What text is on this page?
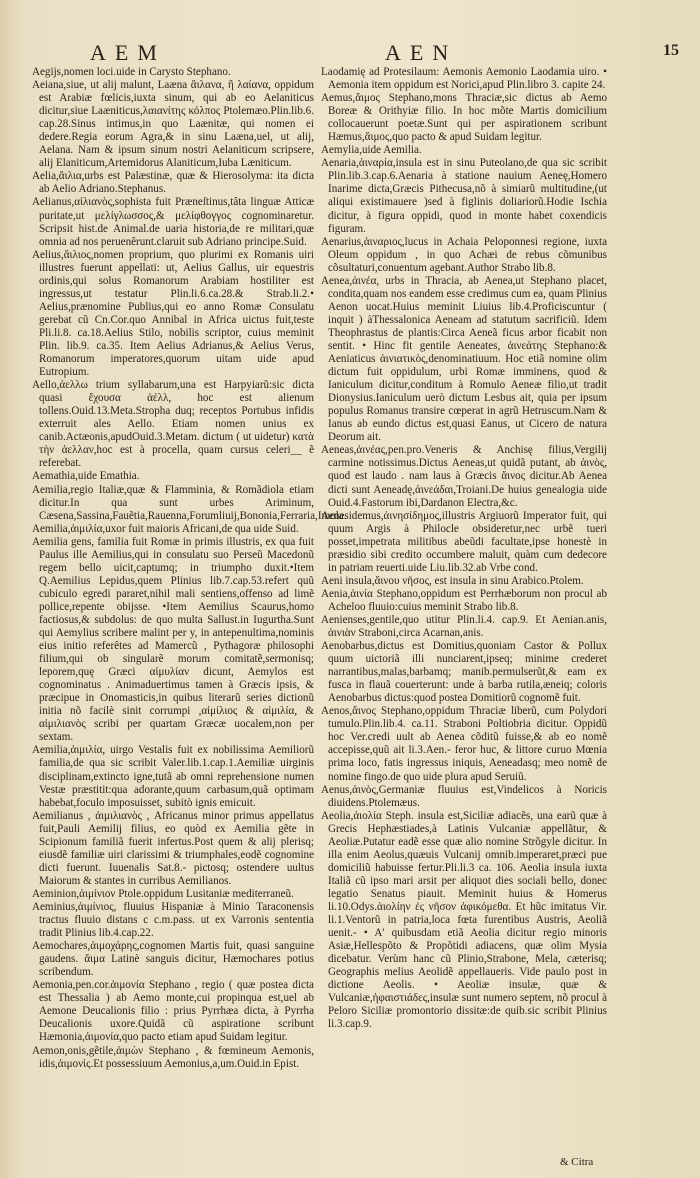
AEM	AEN	15

Aegijs,nomen loci.uide in Carysto Stephano.

Aeiana,siue, ut alij malunt, Laæna ἄιλανα, ἢ λαίανα, oppidum est Arabiæ fœlicis,iuxta sinum, qui ab eo Aelaniticus dicitur,siue Laæniticus,λαιανίτης κόλπος Ptolemæo.Plin.lib.6. cap.28.Sinus intimus,in quo Laænitæ, qui nomen ei dedere.Regia eorum Agra,& in sinu Laæna,uel, ut alij, Aelana. Nam & ipsum sinum nostri Aelaniticum scripsere, alij Elaniticum,Artemidorus Alaniticum,Iuba Læniticum.

Aelia,ἄιλια,urbs est Palæstinæ, quæ & Hierosolyma: ita dicta ab Aelio Adriano.Stephanus.

Aelianus,αἰλιανὸς,sophista fuit Præneſtinus,tâta linguæ Atticæ puritate,ut μελίγλωσσος,& μελίφθογγος cognominaretur. Scripsit hist.de Animal.de uaria historia,de re militari,quæ omnia ad nos peruenêrunt.claruit sub Adriano principe.Suid.

Aelius,ἄιλιος,nomen proprium, quo plurimi ex Romanis uiri illustres fuerunt appellati: ut, Aelius Gallus, uir equestris ordinis,qui solus Romanorum Arabiam hostiliter est ingressus,ut testatur Plin.li.6.ca.28.& Strab.li.2.• Aelius,prænomine Publius,qui eo anno Romæ Consulatu gerebat cũ Cn.Cor.quo Annibal in Africa uictus fuit,teste Pli.li.8. ca.18.Aelius Stilo, nobilis scriptor, cuius meminit Plin. lib.9. ca.35. Item Aelius Adrianus,& Aelius Verus, Romanorum imperatores,quorum uitam uide apud Eutropium.

Aello,ἀελλω trium syllabarum,una est Harpyiarũ:sic dicta quasi ἔχουσα ἀέλλ, hoc est alienum tollens.Ouid.13.Meta.Stropha duq; receptos Portubus infidis exterruit ales Aello. Etiam nomen unius ex canib.Actæonis,apudOuid.3.Metam. dictum ( ut uidetur) κατὰ τὴν ἀελλαν,hoc est à procella, quam cursus celeri__ ẽ referebat.

Aemathia,uide Emathia.

Aemilia,regio Italiæ,quæ & Flamminia, & Romãdiola etiam dicitur.In qua sunt urbes Ariminum, Cæsena,Sassina,Fauẽtia,Rauenna,Forumliuij,Bononia,Ferraria,Imola.

Aemilia,ἀιμιλία,uxor fuit maioris Africani,de qua uide Suid.

Aemilia gens, familia fuit Romæ in primis illustris, ex qua fuit Paulus ille Aemilius,qui in consulatu suo Perseũ Macedonũ regem bello uicit,captumq; in triumpho duxit.•Item Q.Aemilius Lepidus,quem Plinius lib.7.cap.53.refert quũ cubiculo egredi pararet,nihil mali sentiens,offenso ad limẽ pollice,repente obijsse. •Item Aemilius Scaurus,homo factiosus,& subdolus: de quo multa Sallust.in Iugurtha.Sunt qui Aemylius scribere malint per y, in antepenultima,nominis eius initio referêtes ad Mamercũ , Pythagoræ philosophi filium,qui ob singularẽ morum comitatẽ,sermonisq; leporem,quę Græci αἱμυλίαν dicunt, Aemylos est cognominatus . Animaduertimus tamen à Græcis ipsis, & præcipue in Onomasticis,in quibus literarũ series dictionũ initia nõ facilè sinit corrumpi ,αἰμίλιος & αἰμιλία, & αἰμιλιανὸς scribi per quartam Græcæ uocalem,non per sextam.

Aemilia,ἀιμιλία, uirgo Vestalis fuit ex nobilissima Aemiliorũ familia,de qua sic scribit Valer.lib.1.cap.1.Aemiliæ uirginis disciplinam,extincto igne,tutã ab omni reprehensione numen Vestæ præstitit:qua adorante,quum carbasum,quã optimam habebat,foculo imposuisset, subitò ignis emicuit.

Aemilianus , ἀιμιλιανὸς , Africanus minor primus appellatus fuit,Pauli Aemilij filius, eo quòd ex Aemilia gẽte in Scipionum familiã fuerit infertus.Post quem & alij plerisq; eiusdẽ familiæ uiri clarissimi & triumphales,eodẽ cognomine dicti fuerunt. Iuuenalis Sat.8.- pictosq; ostendere uultus Maiorum & stantes in curribus Aemilianos.

Aeminion,ἀιμίνιον Ptole.oppidum Lusitaniæ mediterraneũ.

Aeminius,ἀιμίνιος, fluuius Hispaniæ à Minio Taraconensis tractus fluuio distans c c.m.pass. ut ex Varronis sententia tradit Plinius lib.4.cap.22.

Aemochares,ἀιμοχάρης,cognomen Martis fuit, quasi sanguine gaudens. ἄιμα Latinè sanguis dicitur, Hæmochares potius scribendum.

Aemonia,pen.cor.ἀιμονία Stephano , regio ( quæ postea dicta est Thessalia ) ab Aemo monte,cui propinqua est,uel ab Aemone Deucalionis filio : prius Pyrrhæa dicta, à Pyrrha Deucalionis uxore.Quidã cũ aspiratione scribunt Hæmonia,ἀιμονία,quo pacto etiam apud Suidam legitur.

Aemon,onis,gẽtile,ἀιμὼν Stephano , & fœmineum Aemonis, idis,ἀιμονὶς.Et possessiuum Aemonius,a,um.Ouid.in Epist.

Laodamię ad Protesilaum: Aemonis Aemonio Laodamia uiro. • Aemonia item oppidum est Norici,apud Plin.libro 3. capite 24.

Aemus,ἄιμος Stephano,mons Thraciæ,sic dictus ab Aemo Boreæ & Orithyiæ filio. In hoc mõte Martis domicilium collocauerunt poetæ.Sunt qui per aspirationem scribunt Hæmus,ἄιμος,quo pacto & apud Suidam legitur.

Aemylia,uide Aemilia.

Aenaria,ἀιναρία,insula est in sinu Puteolano,de qua sic scribit Plin.lib.3.cap.6.Aenaria à statione nauium Aeneę,Homero Inarime dicta,Græcis Pithecusa,nõ à simiarũ multitudine,(ut aliqui existimauere )sed à figlinis doliariorũ.Hodie Ischia dicitur, à figura oppidi, quod in monte habet coxendicis figuram.

Aenarius,ἀιναριος,lucus in Achaia Peloponnesi regione, iuxta Oleum oppidum , in quo Achæi de rebus cõmunibus cõsultaturi,conuentum agebant.Author Strabo lib.8.

Aenea,ἀινέα, urbs in Thracia, ab Aenea,ut Stephano placet, condita,quam nos eandem esse credimus cum ea, quam Plinius Aenon uocat.Huius meminit Liuius lib.4.Proficiscuntur ( inquit ) àThessalonica Aeneam ad statutum sacrificiũ. Idem Theophrastus de plantis:Circa Aeneã ficus arbor ficabit non sentit. • Hinc fit gentile Aeneates, ἀινεάτης Stephano:& Aeniaticus ἀινιατικὸς,denominatiuum. Hoc etiã nomine olim dictum fuit oppidulum, urbi Romæ imminens, quod & Ianiculum dicitur,conditum à Romulo Aeneæ filio,ut tradit Dionysius.Ianiculum uerò dictum Lesbus ait, quia per ipsum populus Romanus transire cœperat in agrũ Hetruscum.Nam & Ianus ab eundo dictus est,quasi Eanus, ut Cicero de natura Deorum ait.

Aeneas,ἀινέας,pen.pro.Veneris & Anchisę filius,Vergilij carmine notissimus.Dictus Aeneas,ut quidã putant, ab ἀινὸς, quod est laudo . nam laus à Græcis ἄινος dicitur.Ab Aenea dicti sunt Aeneadę,ἀινεάδαι,Troiani.De huius genealogia uide Ouid.4.Fastorum ibi,Dardanon Electra,&c.

Aenesidemus,ἀινησίδημος,illustris Argiuorũ Imperator fuit, qui quum Argis à Philocle obsideretur,nec urbẽ tueri posset,impetrata militibus abeũdi facultate,ipse honestè in præsidio sibi credito occumbere maluit, quàm cum dedecore in patriam reuerti.uide Liu.lib.32.ab Vrbe cond.

Aeni insula,ἄινου νῆσος, est insula in sinu Arabico.Ptolem.

Aenia,ἀινία Stephano,oppidum est Perrhæborum non procul ab Acheloo fluuio:cuius meminit Strabo lib.8.

Aenienses,gentile,quo utitur Plin.li.4. cap.9. Et Aenian.anis, ἀινιὰν Straboni,circa Acarnan,anis.

Aenobarbus,dictus est Domitius,quoniam Castor & Pollux quum uictoriã illi nunciarent,ipseq; minime crederet narrantibus,malas,barbamq; manib.permulserũt,& eam ex fusca in flauã couerterunt: unde à barba rutila,æneiq; coloris Aenobarbus dictus:quod postea Domitiorũ cognomẽ fuit.

Aenos,ἄινος Stephano,oppidum Thraciæ liberũ, cum Polydori tumulo.Plin.lib.4. ca.11. Straboni Poltiobria dicitur. Oppidũ hoc Ver.credi uult ab Aenea cõditũ fuisse,& ab eo nomẽ accepisse,quũ ait li.3.Aen.- feror huc, & littore curuo Mœnia prima loco, fatis ingressus iniquis, Aeneadasq; meo nomẽ de nomine fingo.de quo uide plura apud Seruiũ.

Aenus,ἀινὸς,Germaniæ fluuius est,Vindelicos à Noricis diuidens.Ptolemæus.

Aeolia,ἀιολία Steph. insula est,Siciliæ adiacẽs, una earũ quæ à Grecis Hephæstiades,à Latinis Vulcaniæ appellãtur, & Aeoliæ.Putatur eadẽ esse quæ alio nomine Strõgyle dicitur. In illa enim Aeolus,quæuis Vulcanij omnib.imperaret,præci pue domiciliũ habuisse fertur.Pli.li.3 ca. 106. Aeolia insula iuxta Italiã cũ ipso mari arsit per aliquot dies sociali bello, donec legatio Senatus piauit. Meminit huius & Homerus li.10.Odys.ἀιολίην ἐς νῆσον ἀφικόμεθα. Et hũc imitatus Vir. li.1.Ventorũ in patria,loca fœta furentibus Austris, Aeoliã uenit.- • A' quibusdam etiã Aeolia dicitur regio minoris Asiæ,Hellespõto & Propõtidi adiacens, quæ olim Mysia dicebatur. Verùm hanc cũ Plinio,Strabone, Mela, cæterisq; Geographis melius Aeolidẽ appellaueris. Vide paulo post in dictione Aeolis. • Aeoliæ insulæ, quæ & Vulcaniæ,ἡφαιστιάδες,insulæ sunt numero septem, nõ procul à Peloro Siciliæ promontorio dissitæ:de quib.sic scribit Plinius li.3.cap.9.

& Citra
